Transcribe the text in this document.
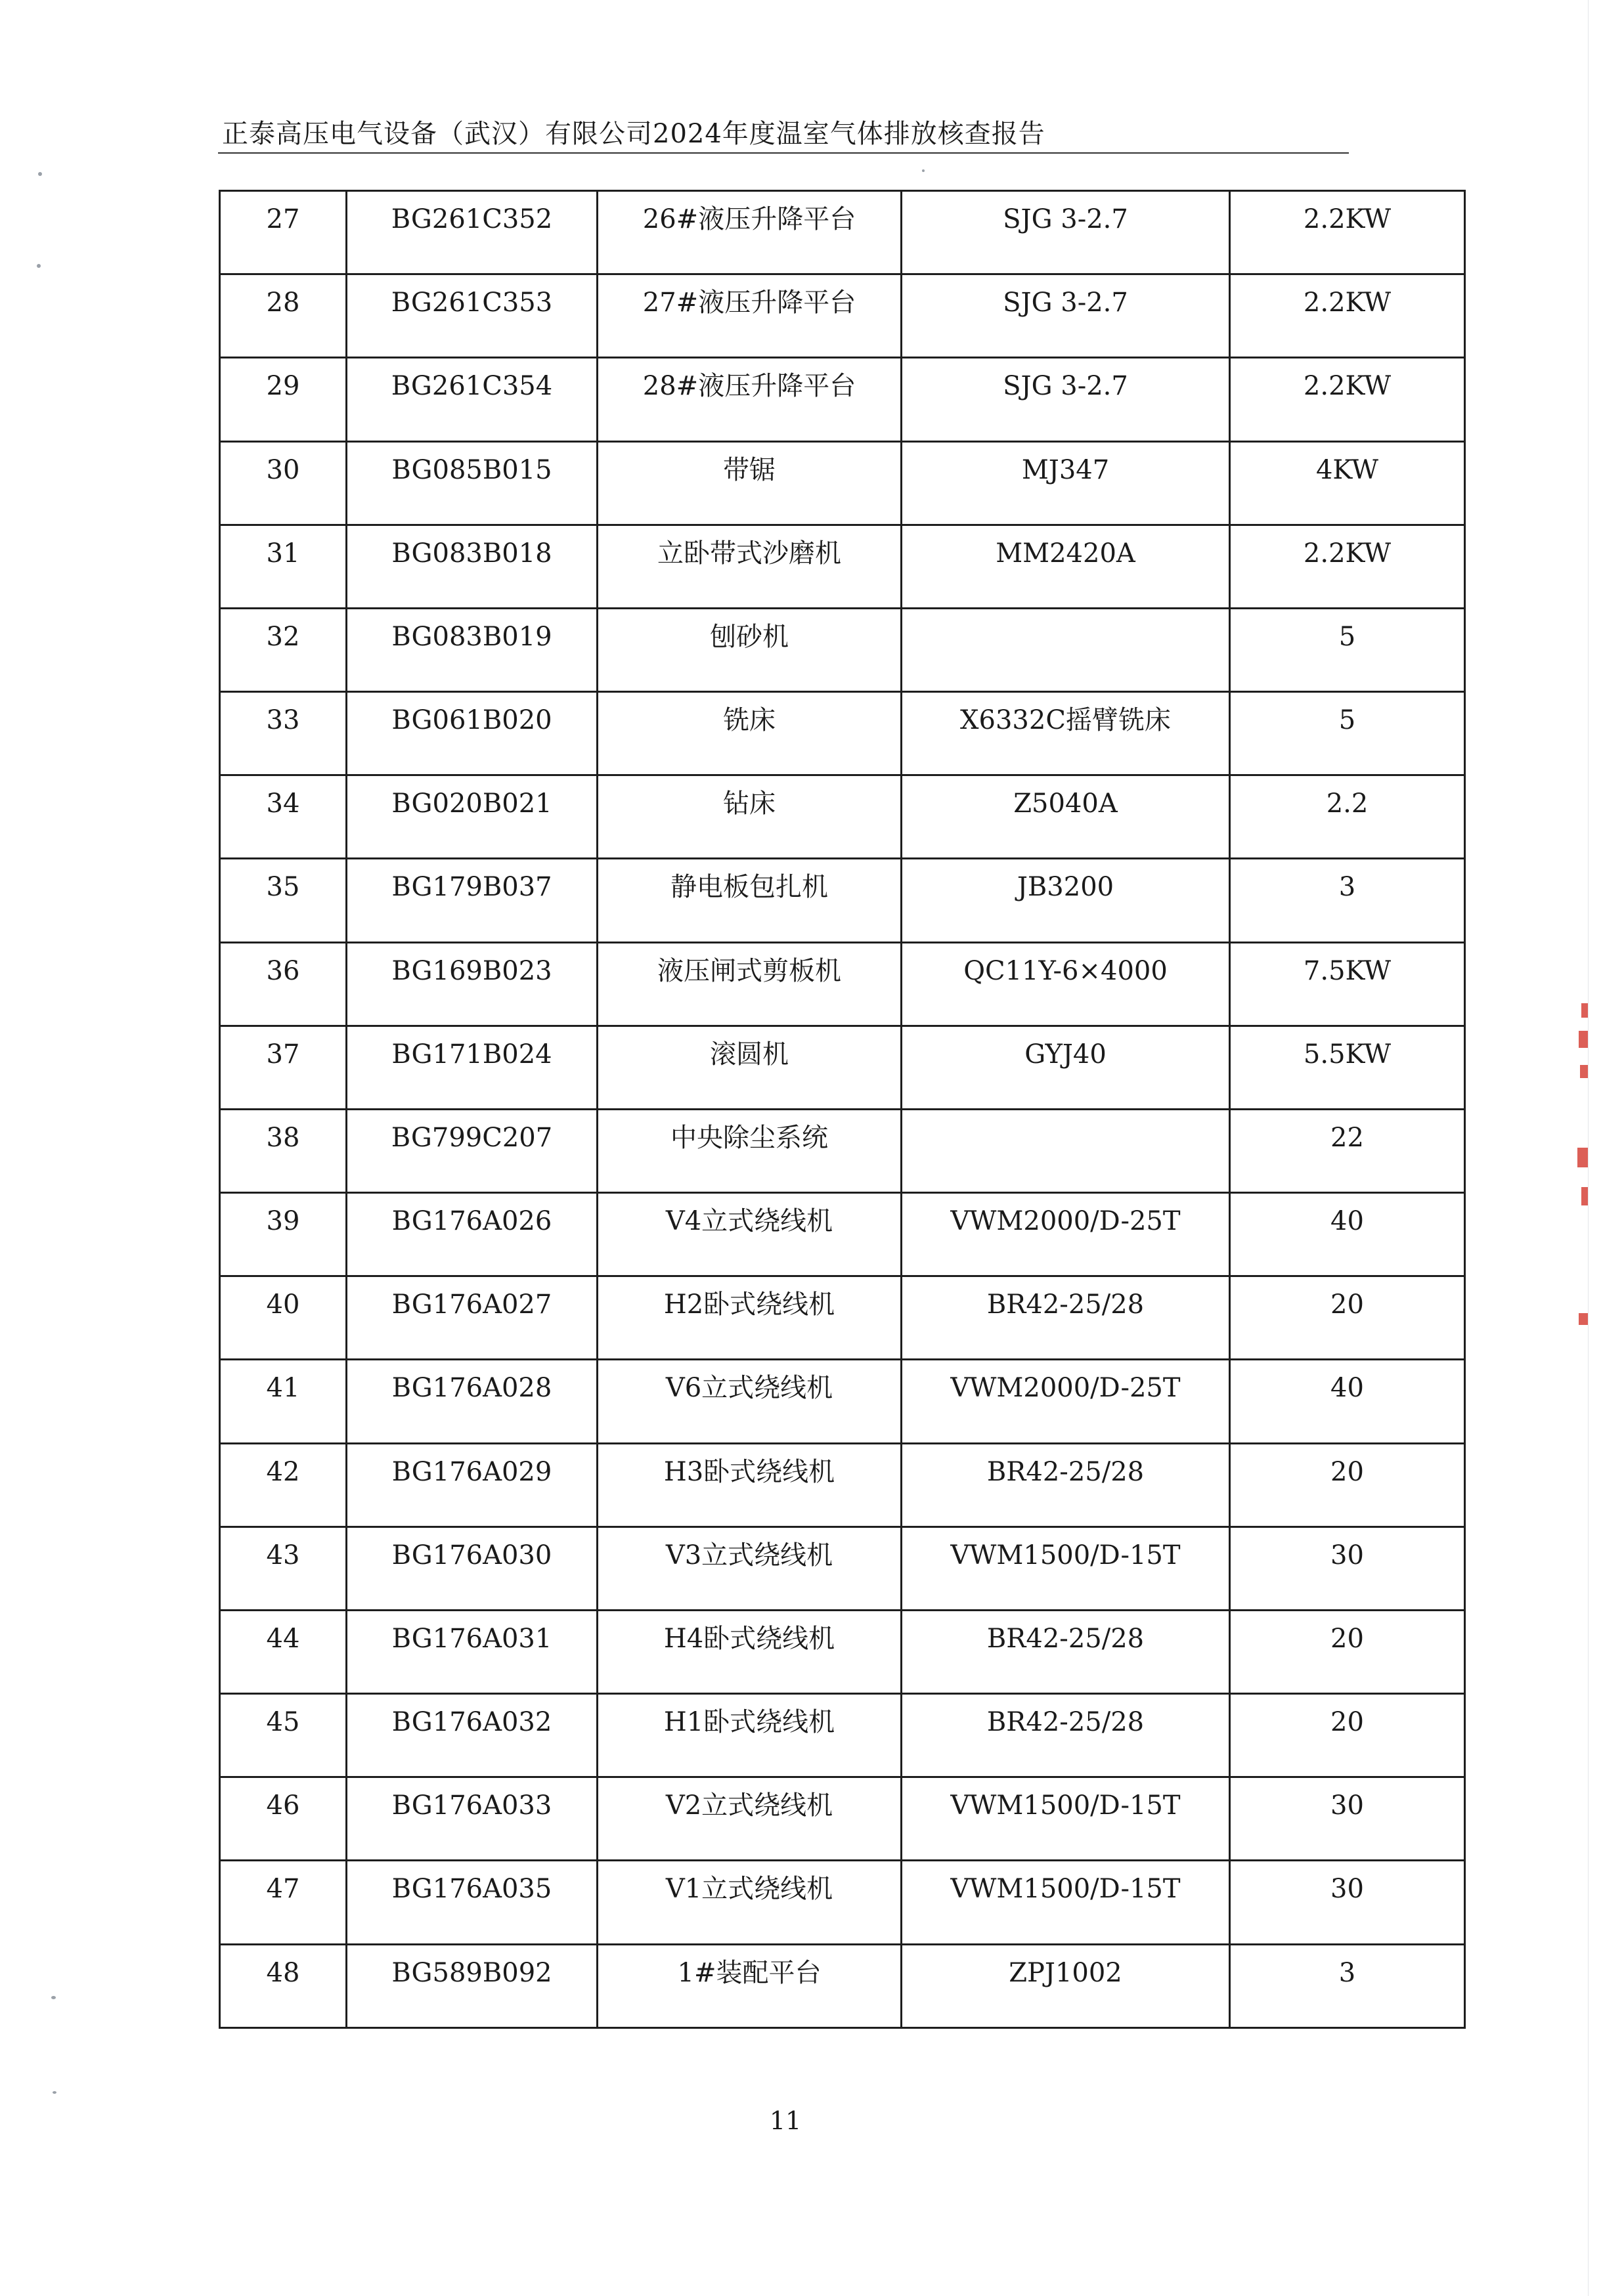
正泰高压电气设备（武汉）有限公司2024年度温室气体排放核查报告
27	BG261C352	26#液压升降平台	SJG 3-2.7	2.2KW
28	BG261C353	27#液压升降平台	SJG 3-2.7	2.2KW
29	BG261C354	28#液压升降平台	SJG 3-2.7	2.2KW
30	BG085B015	带锯	MJ347	4KW
31	BG083B018	立卧带式沙磨机	MM2420A	2.2KW
32	BG083B019	刨砂机		5
33	BG061B020	铣床	X6332C摇臂铣床	5
34	BG020B021	钻床	Z5040A	2.2
35	BG179B037	静电板包扎机	JB3200	3
36	BG169B023	液压闸式剪板机	QC11Y-6×4000	7.5KW
37	BG171B024	滚圆机	GYJ40	5.5KW
38	BG799C207	中央除尘系统		22
39	BG176A026	V4立式绕线机	VWM2000/D-25T	40
40	BG176A027	H2卧式绕线机	BR42-25/28	20
41	BG176A028	V6立式绕线机	VWM2000/D-25T	40
42	BG176A029	H3卧式绕线机	BR42-25/28	20
43	BG176A030	V3立式绕线机	VWM1500/D-15T	30
44	BG176A031	H4卧式绕线机	BR42-25/28	20
45	BG176A032	H1卧式绕线机	BR42-25/28	20
46	BG176A033	V2立式绕线机	VWM1500/D-15T	30
47	BG176A035	V1立式绕线机	VWM1500/D-15T	30
48	BG589B092	1#装配平台	ZPJ1002	3
11
